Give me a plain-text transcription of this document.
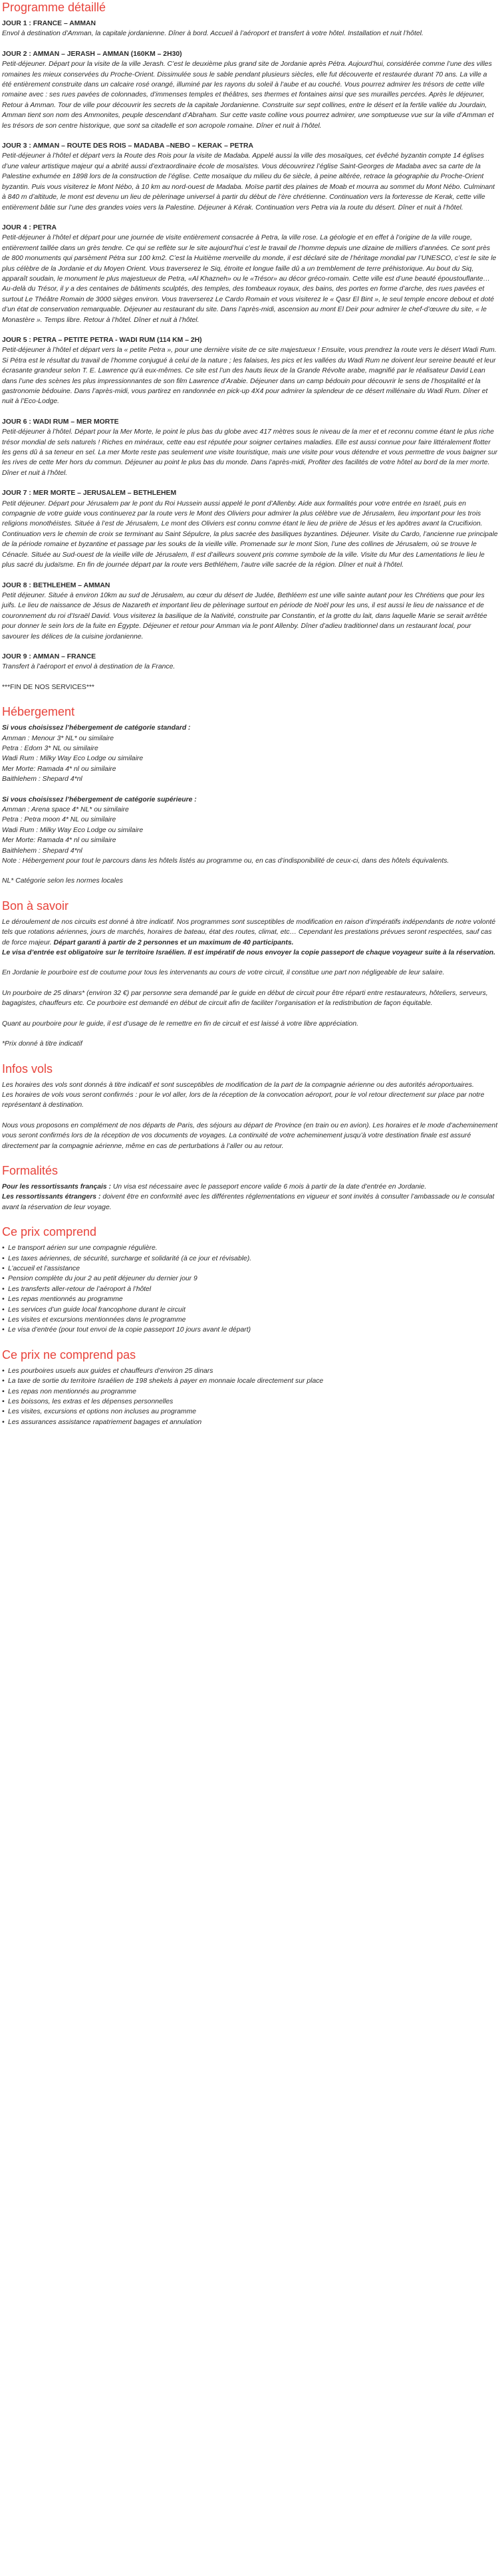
Programme détaillé
JOUR 1 : FRANCE – AMMAN
Envol à destination d’Amman, la capitale jordanienne. Dîner à bord. Accueil à l’aéroport et transfert à votre hôtel. Installation et nuit l’hôtel.
JOUR 2 : AMMAN – JERASH – AMMAN (160KM – 2H30)
Petit-déjeuner. Départ pour la visite de la ville Jerash. C’est le deuxième plus grand site de Jordanie après Pétra. Aujourd’hui, considérée comme l’une des villes romaines les mieux conservées du Proche-Orient. Dissimulée sous le sable pendant plusieurs siècles, elle fut découverte et restaurée durant 70 ans. La ville a été entièrement construite dans un calcaire rosé orangé, illuminé par les rayons du soleil à l’aube et au couché. Vous pourrez admirer les trésors de cette ville romaine avec : ses rues pavées de colonnades, d’immenses temples et théâtres, ses thermes et fontaines ainsi que ses murailles percées. Après le déjeuner, Retour à Amman. Tour de ville pour découvrir les secrets de la capitale Jordanienne. Construite sur sept collines, entre le désert et la fertile vallée du Jourdain, Amman tient son nom des Ammonites, peuple descendant d’Abraham. Sur cette vaste colline vous pourrez admirer, une somptueuse vue sur la ville d’Amman et les trésors de son centre historique, que sont sa citadelle et son acropole romaine. Dîner et nuit à l’hôtel.
JOUR 3 : AMMAN – ROUTE DES ROIS – MADABA –NEBO – KERAK – PETRA
Petit-déjeuner à l’hôtel et départ vers la Route des Rois pour la visite de Madaba. Appelé aussi la ville des mosaïques, cet évêché byzantin compte 14 églises d’une valeur artistique majeur qui a abrité aussi d’extraordinaire école de mosaïstes. Vous découvrirez l’église Saint-Georges de Madaba avec sa carte de la Palestine exhumée en 1898 lors de la construction de l’église. Cette mosaïque du milieu du 6e siècle, à peine altérée, retrace la géographie du Proche-Orient byzantin. Puis vous visiterez le Mont Nébo, à 10 km au nord-ouest de Madaba. Moïse partit des plaines de Moab et mourra au sommet du Mont Nébo. Culminant à 840 m d’altitude, le mont est devenu un lieu de pèlerinage universel à partir du début de l’ère chrétienne. Continuation vers la forteresse de Kerak, cette ville entièrement bâtie sur l’une des grandes voies vers la Palestine. Déjeuner à Kérak. Continuation vers Petra via la route du désert. Dîner et nuit à l’hôtel.
JOUR 4 : PETRA
Petit-déjeuner à l’hôtel et départ pour une journée de visite entièrement consacrée à Petra, la ville rose. La géologie et en effet à l’origine de la ville rouge, entièrement taillée dans un grès tendre. Ce qui se reflète sur le site aujourd’hui c’est le travail de l’homme depuis une dizaine de milliers d’années. Ce sont près de 800 monuments qui parsèment Pétra sur 100 km2. C’est la Huitième merveille du monde, il est déclaré site de l’héritage mondial par l’UNESCO, c’est le site le plus célèbre de la Jordanie et du Moyen Orient. Vous traverserez le Siq, étroite et longue faille dû a un tremblement de terre préhistorique. Au bout du Siq, apparaît soudain, le monument le plus majestueux de Petra, «Al Khazneh» ou le «Trésor» au décor gréco-romain. Cette ville est d’une beauté époustouflante… Au-delà du Trésor, il y a des centaines de bâtiments sculptés, des temples, des tombeaux royaux, des bains, des portes en forme d’arche, des rues pavées et surtout Le Théâtre Romain de 3000 sièges environ. Vous traverserez Le Cardo Romain et vous visiterez le « Qasr El Bint », le seul temple encore debout et doté d’un état de conservation remarquable. Déjeuner au restaurant du site. Dans l’après-midi, ascension au mont El Deir pour admirer le chef-d’œuvre du site, « le Monastère ». Temps libre. Retour à l’hôtel. Dîner et nuit à l’hôtel.
JOUR 5 : PETRA – PETITE PETRA - WADI RUM (114 KM – 2H)
Petit-déjeuner à l’hôtel et départ vers la « petite Petra », pour une dernière visite de ce site majestueux ! Ensuite, vous prendrez la route vers le désert Wadi Rum. Si Pétra est le résultat du travail de l’homme conjugué à celui de la nature ; les falaises, les pics et les vallées du Wadi Rum ne doivent leur sereine beauté et leur écrasante grandeur selon T. E. Lawrence qu’à eux-mêmes. Ce site est l’un des hauts lieux de la Grande Révolte arabe, magnifié par le réalisateur David Lean dans l’une des scènes les plus impressionnantes de son film Lawrence d’Arabie. Déjeuner dans un camp bédouin pour découvrir le sens de l’hospitalité et la gastronomie bédouine. Dans l’après-midi, vous partirez en randonnée en pick-up 4X4 pour admirer la splendeur de ce désert millénaire du Wadi Rum. Dîner et nuit à l’Eco-Lodge.
JOUR 6 : WADI RUM – MER MORTE
Petit-déjeuner à l’hôtel. Départ pour la Mer Morte, le point le plus bas du globe avec 417 mètres sous le niveau de la mer et et reconnu comme étant le plus riche trésor mondial de sels naturels ! Riches en minéraux, cette eau est réputée pour soigner certaines maladies. Elle est aussi connue pour faire littéralement flotter les gens dû à sa teneur en sel. La mer Morte reste pas seulement une visite touristique, mais une visite pour vous détendre et vous permettre de vous baigner sur les rives de cette Mer hors du commun. Déjeuner au point le plus bas du monde. Dans l’après-midi, Profiter des facilités de votre hôtel au bord de la mer morte. Dîner et nuit à l’hôtel.
JOUR 7 : MER MORTE – JERUSALEM – BETHLEHEM
Petit déjeuner. Départ pour Jérusalem par le pont du Roi Hussein aussi appelé le pont d’Allenby. Aide aux formalités pour votre entrée en Israël, puis en compagnie de votre guide vous continuerez par la route vers le Mont des Oliviers pour admirer la plus célèbre vue de Jérusalem, lieu important pour les trois religions monothéistes. Située à l’est de Jérusalem, Le mont des Oliviers est connu comme étant le lieu de prière de Jésus et les apôtres avant la Crucifixion. Continuation vers le chemin de croix se terminant au Saint Sépulcre, la plus sacrée des basiliques byzantines. Déjeuner. Visite du Cardo, l’ancienne rue principale de la période romaine et byzantine et passage par les souks de la vieille ville. Promenade sur le mont Sion, l’une des collines de Jérusalem, où se trouve le Cénacle. Située au Sud-ouest de la vieille ville de Jérusalem, Il est d’ailleurs souvent pris comme symbole de la ville. Visite du Mur des Lamentations le lieu le plus sacré du judaïsme. En fin de journée départ par la route vers Bethléhem, l’autre ville sacrée de la région. Dîner et nuit à l’hôtel.
JOUR 8 : BETHLEHEM – AMMAN
Petit déjeuner. Située à environ 10km au sud de Jérusalem, au cœur du désert de Judée, Bethléem est une ville sainte autant pour les Chrétiens que pour les juifs. Le lieu de naissance de Jésus de Nazareth et important lieu de pèlerinage surtout en période de Noël pour les uns, il est aussi le lieu de naissance et de couronnement du roi d’Israël David. Vous visiterez la basilique de la Nativité, construite par Constantin, et la grotte du lait, dans laquelle Marie se serait arrêtée pour donner le sein lors de la fuite en Égypte. Déjeuner et retour pour Amman via le pont Allenby. Dîner d’adieu traditionnel dans un restaurant local, pour savourer les délices de la cuisine jordanienne.
JOUR 9 : AMMAN – FRANCE
Transfert à l’aéroport et envol à destination de la France.

***FIN DE NOS SERVICES***

Hébergement
Si vous choisissez l’hébergement de catégorie standard :
Amman : Menour 3* NL* ou similaire
Petra : Edom 3* NL ou similaire
Wadi Rum : Milky Way Eco Lodge ou similaire
Mer Morte: Ramada 4* nl ou similaire
Baithlehem : Shepard 4*nl
Si vous choisissez l’hébergement de catégorie supérieure :
Amman : Arena space 4* NL* ou similaire
Petra : Petra moon 4* NL ou similaire
Wadi Rum : Milky Way Eco Lodge ou similaire
Mer Morte: Ramada 4* nl ou similaire
Baithlehem : Shepard 4*nl
Note : Hébergement pour tout le parcours dans les hôtels listés au programme ou, en cas d’indisponibilité de ceux-ci, dans des hôtels équivalents.

NL* Catégorie selon les normes locales

Bon à savoir

Le déroulement de nos circuits est donné à titre indicatif. Nos programmes sont susceptibles de modification en raison d’impératifs indépendants de notre volonté tels que rotations aériennes, jours de marchés, horaires de bateau, état des routes, climat, etc… Cependant les prestations prévues seront respectées, sauf cas de force majeur. Départ garanti à partir de 2 personnes et un maximum de 40 participants.
Le visa d’entrée est obligatoire sur le territoire Israélien. Il est impératif de nous envoyer la copie passeport de chaque voyageur suite à la réservation.

En Jordanie le pourboire est de coutume pour tous les intervenants au cours de votre circuit, il constitue une part non négligeable de leur salaire.

Un pourboire de 25 dinars* (environ 32 €) par personne sera demandé par le guide en début de circuit pour être réparti entre restaurateurs, hôteliers, serveurs, bagagistes, chauffeurs etc. Ce pourboire est demandé en début de circuit afin de faciliter l’organisation et la redistribution de façon équitable.

Quant au pourboire pour le guide, il est d’usage de le remettre en fin de circuit et est laissé à votre libre appréciation.

*Prix donné à titre indicatif

Infos vols

Les horaires des vols sont donnés à titre indicatif et sont susceptibles de modification de la part de la compagnie aérienne ou des autorités aéroportuaires.
Les horaires de vols vous seront confirmés : pour le vol aller, lors de la réception de la convocation aéroport, pour le vol retour directement sur place par notre représentant à destination.

Nous vous proposons en complément de nos départs de Paris, des séjours au départ de Province (en train ou en avion). Les horaires et le mode d’acheminement vous seront confirmés lors de la réception de vos documents de voyages. La continuité de votre acheminement jusqu’à votre destination finale est assuré directement par la compagnie aérienne, même en cas de perturbations à l’aller ou au retour.

Formalités

Pour les ressortissants français : Un visa est nécessaire avec le passeport encore valide 6 mois à partir de la date d’entrée en Jordanie.
Les ressortissants étrangers : doivent être en conformité avec les différentes réglementations en vigueur et sont invités à consulter l’ambassade ou le consulat avant la réservation de leur voyage.

Ce prix comprend
• Le transport aérien sur une compagnie régulière.
• Les taxes aériennes, de sécurité, surcharge et solidarité (à ce jour et révisable).
• L’accueil et l’assistance
• Pension complète du jour 2 au petit déjeuner du dernier jour 9
• Les transferts aller-retour de l’aéroport à l’hôtel
• Les repas mentionnés au programme
• Les services d’un guide local francophone durant le circuit
• Les visites et excursions mentionnées dans le programme
• Le visa d’entrée (pour tout envoi de la copie passeport 10 jours avant le départ)
Ce prix ne comprend pas
• Les pourboires usuels aux guides et chauffeurs d’environ 25 dinars
• La taxe de sortie du territoire Israélien de 198 shekels à payer en monnaie locale directement sur place
• Les repas non mentionnés au programme
• Les boissons, les extras et les dépenses personnelles
• Les visites, excursions et options non incluses au programme
• Les assurances assistance rapatriement bagages et annulation
